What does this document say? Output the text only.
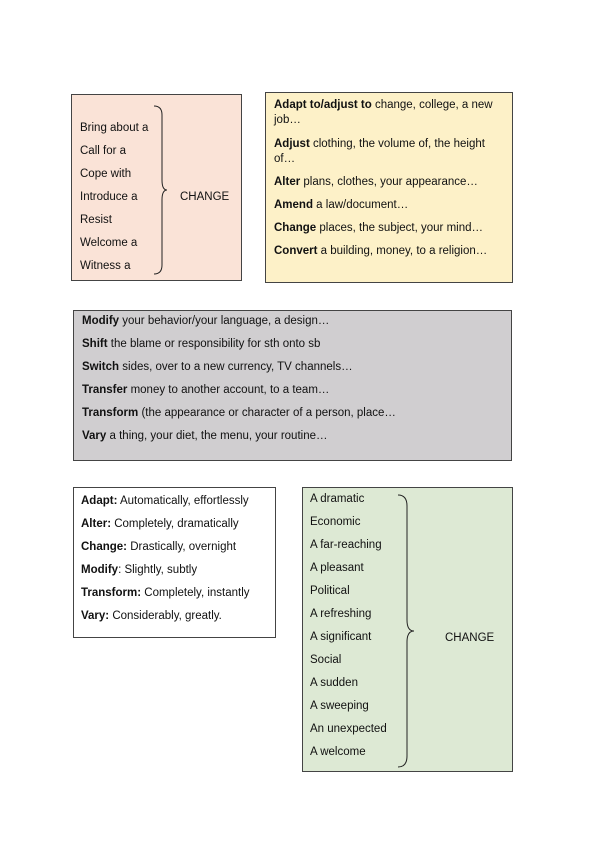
Bring about a
Call for a
Cope with
Introduce a
Resist
Welcome a
Witness a
CHANGE
Adapt to/adjust to change, college, a new job…
Adjust clothing, the volume of, the height of…
Alter plans, clothes, your appearance…
Amend a law/document…
Change places, the subject, your mind…
Convert a building, money, to a religion…
Modify your behavior/your language, a design…
Shift the blame or responsibility for sth onto sb
Switch sides, over to a new currency, TV channels…
Transfer money to another account, to a team…
Transform (the appearance or character of a person, place…
Vary a thing, your diet, the menu, your routine…
Adapt: Automatically, effortlessly
Alter: Completely, dramatically
Change: Drastically, overnight
Modify: Slightly, subtly
Transform: Completely, instantly
Vary: Considerably, greatly.
A dramatic
Economic
A far-reaching
A pleasant
Political
A refreshing
A significant
Social
A sudden
A sweeping
An unexpected
A welcome
CHANGE
